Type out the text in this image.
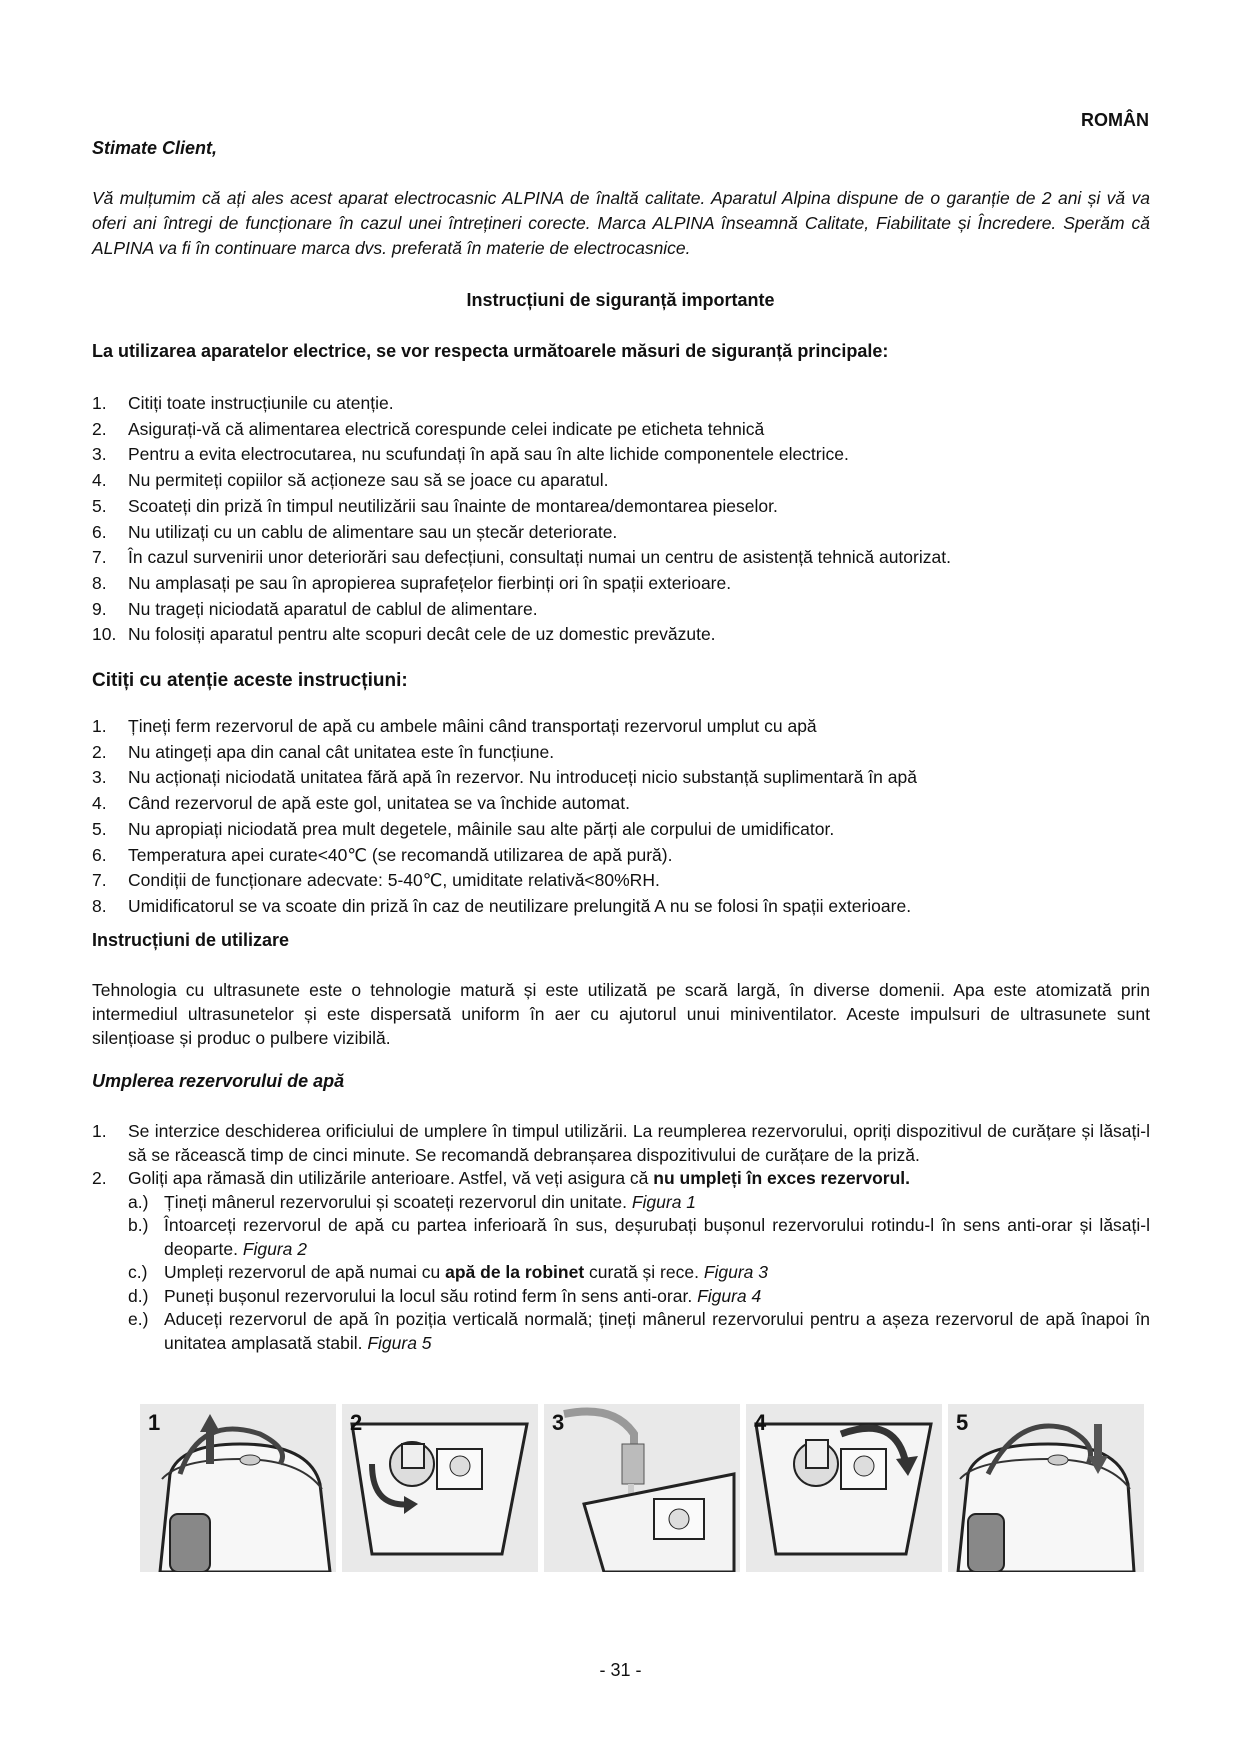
ROMÂN
Stimate Client,
Vă mulțumim că ați ales acest aparat electrocasnic ALPINA de înaltă calitate. Aparatul Alpina dispune de o garanție de 2 ani și vă va oferi ani întregi de funcționare în cazul unei întrețineri corecte. Marca ALPINA înseamnă Calitate, Fiabilitate și Încredere. Sperăm că ALPINA va fi în continuare marca dvs. preferată în materie de electrocasnice.
Instrucțiuni de siguranță importante
La utilizarea aparatelor electrice, se vor respecta următoarele măsuri de siguranță principale:
1. Citiți toate instrucțiunile cu atenție.
2. Asigurați-vă că alimentarea electrică corespunde celei indicate pe eticheta tehnică
3. Pentru a evita electrocutarea, nu scufundați în apă sau în alte lichide componentele electrice.
4. Nu permiteți copiilor să acționeze sau să se joace cu aparatul.
5. Scoateți din priză în timpul neutilizării sau înainte de montarea/demontarea pieselor.
6. Nu utilizați cu un cablu de alimentare sau un ștecăr deteriorate.
7. În cazul survenirii unor deteriorări sau defecțiuni, consultați numai un centru de asistență tehnică autorizat.
8. Nu amplasați pe sau în apropierea suprafețelor fierbinți ori în spații exterioare.
9. Nu trageți niciodată aparatul de cablul de alimentare.
10. Nu folosiți aparatul pentru alte scopuri decât cele de uz domestic prevăzute.
Citiți cu atenție aceste instrucțiuni:
1. Țineți ferm rezervorul de apă cu ambele mâini când transportați rezervorul umplut cu apă
2. Nu atingeți apa din canal cât unitatea este în funcțiune.
3. Nu acționați niciodată unitatea fără apă în rezervor. Nu introduceți nicio substanță suplimentară în apă
4. Când rezervorul de apă este gol, unitatea se va închide automat.
5. Nu apropiați niciodată prea mult degetele, mâinile sau alte părți ale corpului de umidificator.
6. Temperatura apei curate<40℃ (se recomandă utilizarea de apă pură).
7. Condiții de funcționare adecvate: 5-40℃, umiditate relativă<80%RH.
8. Umidificatorul se va scoate din priză în caz de neutilizare prelungită A nu se folosi în spații exterioare.
Instrucțiuni de utilizare

Tehnologia cu ultrasunete este o tehnologie matură și este utilizată pe scară largă, în diverse domenii. Apa este atomizată prin intermediul ultrasunetelor și este dispersată uniform în aer cu ajutorul unui miniventilator. Aceste impulsuri de ultrasunete sunt silențioase și produc o pulbere vizibilă.

Umplerea rezervorului de apă
1. Se interzice deschiderea orificiului de umplere în timpul utilizării. La reumplerea rezervorului, opriți dispozitivul de curățare și lăsați-l să se răcească timp de cinci minute. Se recomandă debranșarea dispozitivului de curățare de la priză.
2. Goliți apa rămasă din utilizările anterioare. Astfel, vă veți asigura că nu umpleți în exces rezervorul.
a.) Țineți mânerul rezervorului și scoateți rezervorul din unitate. Figura 1
b.) Întoarceți rezervorul de apă cu partea inferioară în sus, deșurubați bușonul rezervorului rotindu-l în sens anti-orar și lăsați-l deoparte. Figura 2
c.) Umpleți rezervorul de apă numai cu apă de la robinet curată și rece. Figura 3
d.) Puneți bușonul rezervorului la locul său rotind ferm în sens anti-orar. Figura 4
e.) Aduceți rezervorul de apă în poziția verticală normală; țineți mânerul rezervorului pentru a așeza rezervorul de apă înapoi în unitatea amplasată stabil. Figura 5
1	2	3	4	5
- 31 -
